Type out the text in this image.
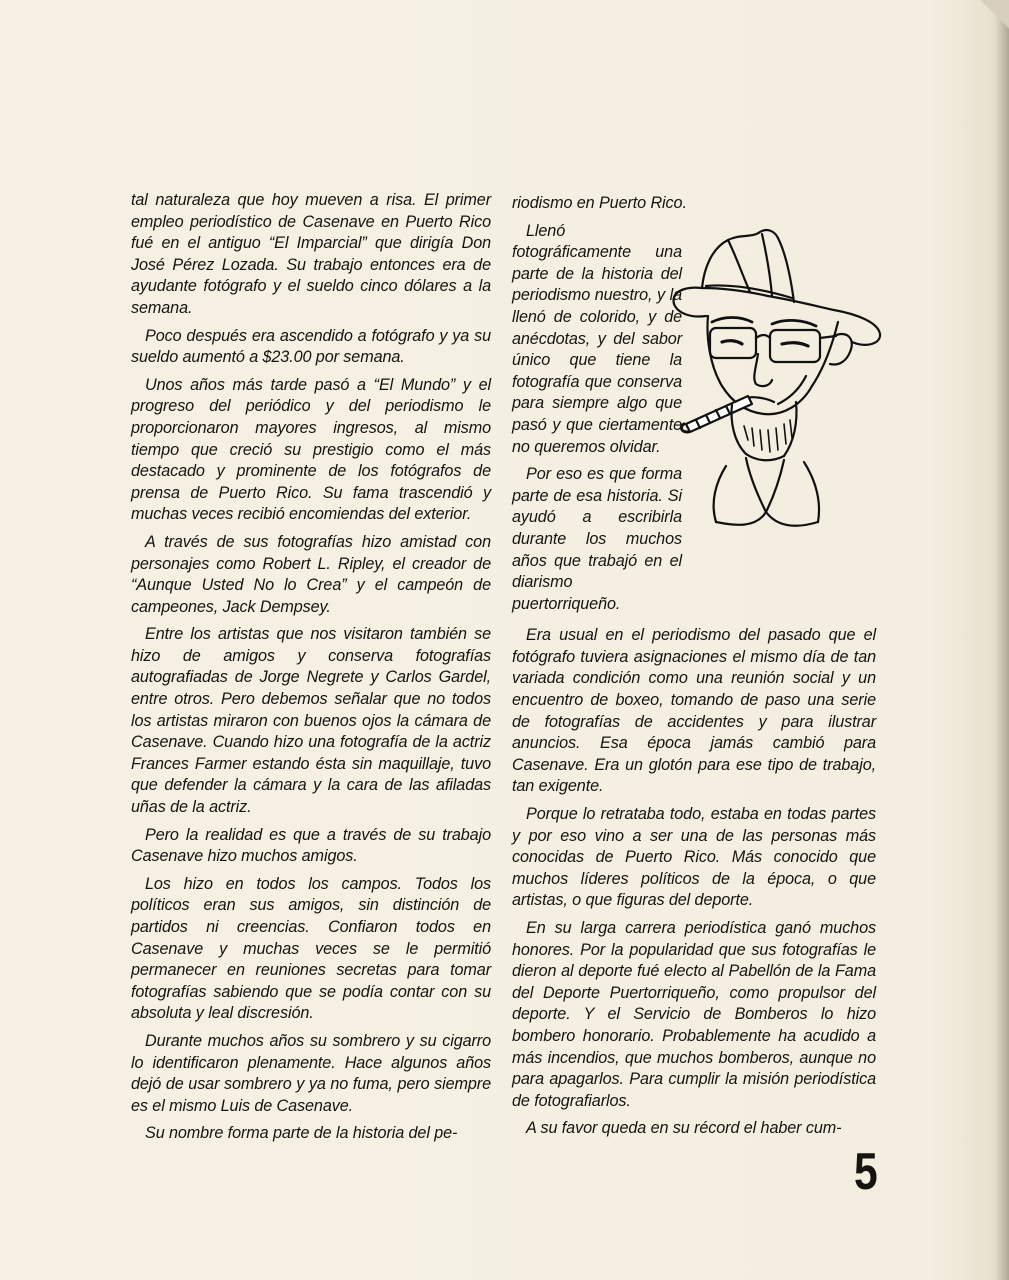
tal naturaleza que hoy mueven a risa. El primer empleo periodístico de Casenave en Puerto Rico fué en el antiguo “El Imparcial” que dirigía Don José Pérez Lozada. Su trabajo entonces era de ayudante fotógrafo y el sueldo cinco dólares a la semana.

Poco después era ascendido a fotógrafo y ya su sueldo aumentó a $23.00 por semana.

Unos años más tarde pasó a “El Mundo” y el progreso del periódico y del periodismo le proporcionaron mayores ingresos, al mismo tiempo que creció su prestigio como el más destacado y prominente de los fotógrafos de prensa de Puerto Rico. Su fama trascendió y muchas veces recibió encomiendas del exterior.

A través de sus fotografías hizo amistad con personajes como Robert L. Ripley, el creador de “Aunque Usted No lo Crea” y el campeón de campeones, Jack Dempsey.

Entre los artistas que nos visitaron también se hizo de amigos y conserva fotografías autografiadas de Jorge Negrete y Carlos Gardel, entre otros. Pero debemos señalar que no todos los artistas miraron con buenos ojos la cámara de Casenave. Cuando hizo una fotografía de la actriz Frances Farmer estando ésta sin maquillaje, tuvo que defender la cámara y la cara de las afiladas uñas de la actriz.

Pero la realidad es que a través de su trabajo Casenave hizo muchos amigos.

Los hizo en todos los campos. Todos los políticos eran sus amigos, sin distinción de partidos ni creencias. Confiaron todos en Casenave y muchas veces se le permitió permanecer en reuniones secretas para tomar fotografías sabiendo que se podía contar con su absoluta y leal discresión.

Durante muchos años su sombrero y su cigarro lo identificaron plenamente. Hace algunos años dejó de usar sombrero y ya no fuma, pero siempre es el mismo Luis de Casenave.

Su nombre forma parte de la historia del pe-

riodismo en Puerto Rico.

Llenó fotográficamente una parte de la historia del periodismo nuestro, y la llenó de colorido, y de anécdotas, y del sabor único que tiene la fotografía que conserva para siempre algo que pasó y que ciertamente no queremos olvidar.

Por eso es que forma parte de esa historia. Si ayudó a escribirla durante los muchos años que trabajó en el diarismo puertorriqueño.

Era usual en el periodismo del pasado que el fotógrafo tuviera asignaciones el mismo día de tan variada condición como una reunión social y un encuentro de boxeo, tomando de paso una serie de fotografías de accidentes y para ilustrar anuncios. Esa época jamás cambió para Casenave. Era un glotón para ese tipo de trabajo, tan exigente.

Porque lo retrataba todo, estaba en todas partes y por eso vino a ser una de las personas más conocidas de Puerto Rico. Más conocido que muchos líderes políticos de la época, o que artistas, o que figuras del deporte.

En su larga carrera periodística ganó muchos honores. Por la popularidad que sus fotografías le dieron al deporte fué electo al Pabellón de la Fama del Deporte Puertorriqueño, como propulsor del deporte. Y el Servicio de Bomberos lo hizo bombero honorario. Probablemente ha acudido a más incendios, que muchos bomberos, aunque no para apagarlos. Para cumplir la misión periodística de fotografiarlos.

A su favor queda en su récord el haber cum-

5
